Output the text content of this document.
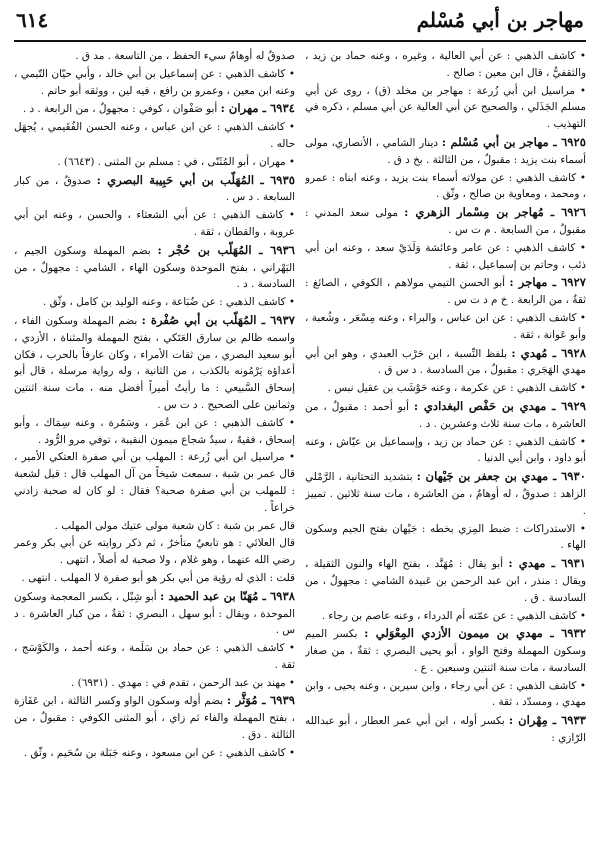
مهاجر بن أبي مُسْلم
٦١٤

• كاشف الذهبي : عن أبي العالية ، وغيره ، وعنه حماد بن زيد ، والثقفيُّ ، قال ابن معين : صالح .

• مراسيل ابن أبي زُرعة : مهاجر بن مخلد (ق) ، روى عن أبي مسلم الجَذَلي ، والصحيح عن أبي العالية عن أبي مسلم ، ذكره في التهذيب .

٦٩٢٥ ـ مهاجر بن أبي مُسْلم : دينار الشامي ، الأنصاري، مولى أسماء بنت يزيد : مقبولٌ ، من الثالثة . بخ د ق .

• كاشف الذهبي : عن مولاته أسماء بنت يزيد ، وعنه ابناه : عمرو ، ومحمد ، ومعاوية بن صالح ، وثّق .

٦٩٢٦ ـ مُهاجر بن مِسْمار الزهري : مولى سعد المدني : مقبولٌ ، من السابعة . م ت س .

• كاشف الذهبي : عن عامر وعائشة وَلَدَيْ سعد ، وعنه ابن أبي ذئب ، وحاتم بن إسماعيل ، ثقة .

٦٩٢٧ ـ مهاجر : أبو الحسن التيمي مولاهم ، الكوفي ، الصائغ : ثقةٌ ، من الرابعة . خ م د ت س .

• كاشف الذهبي : عن ابن عباس ، والبراء ، وعنه مِسْعَر ، وشُعبة ، وأبو عَوانة ، ثقة .

٦٩٢٨ ـ مُهدي : بلفظ النِّسبة ، ابن حَرْب العبدي ، وهو ابن أبي مهدي الهَجَري : مقبولٌ ، من السادسة . د س ق .

• كاشف الذهبي : عن عكرمة ، وعنه حَوْشَب بن عقيل نبس .

٦٩٢٩ ـ مهدي بن حَفْص البغدادي : أبو أحمد : مقبولٌ ، من العاشرة ، مات سنة ثلاث وعشرين . د .

• كاشف الذهبي : عن حماد بن زيد ، وإسماعيل بن عيّاش ، وعنه أبو داود ، وابن أبي الدنيا .

٦٩٣٠ ـ مهدي بن جعفر بن جَيْهان : بتشديد التحتانية ، الرَّمْلي الزاهد : صدوقٌ ، له أوهامٌ ، من العاشرة ، مات سنة ثلاثين . تمييز .

• الاستدراكات : ضبط المِزي بخطه : جَيْهان بفتح الجيم وسكون الهاء .

٦٩٣١ ـ مهدي : أبو يقال : مُهَنَّد ، بفتح الهاء والنون الثقيلة ، ويقال : منذر ، ابن عبد الرحمن بن عَبيدة الشامي : مجهولٌ ، من السادسة . ق .

• كاشف الذهبي : عن عمّته أم الدرداء ، وعنه عاصم بن رجاء .

٦٩٣٢ ـ مهدي بن ميمون الأزدي المِعْوَلي : بكسر الميم وسكون المهملة وفتح الواو ، أبو يحيى البصري : ثقةٌ ، من صغار السادسة ، مات سنة اثنتين وسبعين . ع .

• كاشف الذهبي : عن أبي رجاء ، وابن سيرين ، وعنه يحيى ، وابن مهدي ، ومسدّد ، ثقة .

٦٩٣٣ ـ مِهْران : بكسر أوله ، ابن أبي عمر العطار ، أبو عبدالله الرّازي :

صدوقٌ له أوهامٌ سيء الحفظ ، من التاسعة . مد ق .

• كاشف الذهبي : عن إسماعيل بن أبي خالد ، وأبي حيّان التّيمي ، وعنه ابن معين ، وعمرو بن رافع ، فيه لين ، ووثقه أبو حاتم .

٦٩٣٤ ـ مهران : أبو صَفْوان ، كوفي : مجهولٌ ، من الرابعة . د .

• كاشف الذهبي : عن ابن عباس ، وعنه الحسن الفُقَيمي ، يُجهَل حاله .

• مهران ، أبو المُثَنّى ، في : مسلم بن المثنى . (٦٦٤٣) .

٦٩٣٥ ـ المُهَلّب بن أبي حَبِيبة البصري : صدوقٌ ، من كبار السابعة . د س .

• كاشف الذهبي : عن أبي الشعثاء ، والحسن ، وعنه ابن أبي عروبة ، والقطان ، ثقة .

٦٩٣٦ ـ المُهَلّب بن حُجْر : بضم المهملة وسكون الجيم ، البَهْراني ، بفتح الموحدة وسكون الهاء ، الشامي : مجهولٌ ، من السادسة . د .

• كاشف الذهبي : عن ضُبَاعة ، وعنه الوليد بن كامل ، وثّق .

٦٩٣٧ ـ المُهَلّب بن أبي صُفْرة : بضم المهملة وسكون الفاء ، واسمه ظالم بن سارق العَتَكي ، بفتح المهملة والمثناة ، الأزدي ، أبو سعيد البصري ، من ثقات الأمراء ، وكان عارفاً بالحرب ، فكان أعداؤه يَرْمُونه بالكذب ، من الثانية ، وله رواية مرسلة ، قال أبو إسحاق السَّبيعي : ما رأيتُ أميراً أفضل منه ، مات سنة اثنتين وثمانين على الصحيح . د ت س .

• كاشف الذهبي : عن ابن عُمَر ، وسَمُرة ، وعنه سِمَاك ، وأبو إسحاق ، فقيهٌ ، سيدٌ شجاع ميمون النقيبة ، توفي مرو الرُّود .

• مراسيل ابن أبي زُرعة : المهلب بن أبي صفرة العتكي الأمير ، قال عمر بن شبة ، سمعت شيخاً من آل المهلب قال : قيل لشعبة : للمهلب بن أبي صفرة صحبة؟ فقال : لو كان له صحبة زادني خراعاً .

قال عمر بن شبة : كان شعبة مولى عتيك مولى المهلب .

قال العلائي : هو تابعيٌ متأخرٌ ، ثم ذكر روايته عن أبي بكر وعمر رضي الله عنهما ، وهو غلام ، ولا صحبة له أصلاً ، انتهى .

قلت : الذي له رؤية من أبي بكر هو أبو صفرة لا المهلب . انتهى .

٦٩٣٨ ـ مُهَنّا بن عبد الحميد : أبو شِبْل ، بكسر المعجمة وسكون الموحدة ، ويقال : أبو سهل ، البصري : ثقةٌ ، من كبار العاشرة . د س .

• كاشف الذهبي : عن حماد بن سَلَمة ، وعنه أحمد ، والكَوْسَج ، ثقة .

• مهند بن عبد الرحمن ، تقدم في : مهدي . (٦٩٣١) .

٦٩٣٩ ـ مُوَثَّر : بضم أوله وسكون الواو وكسر الثالثة ، ابن عَفَازة ، بفتح المهملة والفاء ثم زاي ، أبو المثنى الكوفي : مقبولٌ ، من الثالثة . دق .

• كاشف الذهبي : عن ابن مسعود ، وعنه جَبَلة بن سُحَيم ، وثّق .
